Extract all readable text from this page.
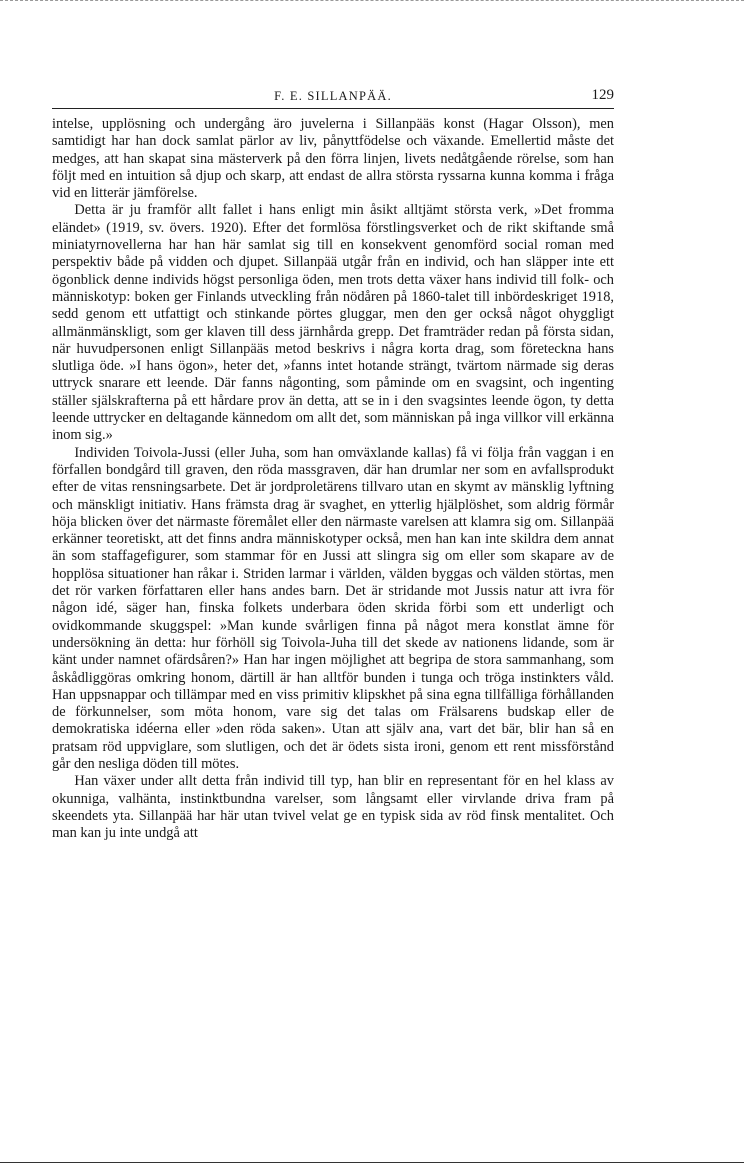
F. E. SILLANPÄÄ.	129

intelse, upplösning och undergång äro juvelerna i Sillanpääs konst (Hagar Olsson), men samtidigt har han dock samlat pärlor av liv, pånyttfödelse och växande. Emellertid måste det medges, att han skapat sina mästerverk på den förra linjen, livets nedåtgående rörelse, som han följt med en intuition så djup och skarp, att endast de allra största ryssarna kunna komma i fråga vid en litterär jämförelse.

Detta är ju framför allt fallet i hans enligt min åsikt alltjämt största verk, »Det fromma eländet» (1919, sv. övers. 1920). Efter det formlösa förstlingsverket och de rikt skiftande små miniatyrnovellerna har han här samlat sig till en konsekvent genomförd social roman med perspektiv både på vidden och djupet. Sillanpää utgår från en individ, och han släpper inte ett ögonblick denne individs högst personliga öden, men trots detta växer hans individ till folk- och människotyp: boken ger Finlands utveckling från nödåren på 1860-talet till inbördeskriget 1918, sedd genom ett utfattigt och stinkande pörtes gluggar, men den ger också något ohyggligt allmänmänskligt, som ger klaven till dess järnhårda grepp. Det framträder redan på första sidan, när huvudpersonen enligt Sillanpääs metod beskrivs i några korta drag, som företeckna hans slutliga öde. »I hans ögon», heter det, »fanns intet hotande strängt, tvärtom närmade sig deras uttryck snarare ett leende. Där fanns någonting, som påminde om en svagsint, och ingenting ställer själskrafterna på ett hårdare prov än detta, att se in i den svagsintes leende ögon, ty detta leende uttrycker en deltagande kännedom om allt det, som människan på inga villkor vill erkänna inom sig.»

Individen Toivola-Jussi (eller Juha, som han omväxlande kallas) få vi följa från vaggan i en förfallen bondgård till graven, den röda massgraven, där han drumlar ner som en avfallsprodukt efter de vitas rensningsarbete. Det är jordproletärens tillvaro utan en skymt av mänsklig lyftning och mänskligt initiativ. Hans främsta drag är svaghet, en ytterlig hjälplöshet, som aldrig förmår höja blicken över det närmaste föremålet eller den närmaste varelsen att klamra sig om. Sillanpää erkänner teoretiskt, att det finns andra människotyper också, men han kan inte skildra dem annat än som staffagefigurer, som stammar för en Jussi att slingra sig om eller som skapare av de hopplösa situationer han råkar i. Striden larmar i världen, välden byggas och välden störtas, men det rör varken författaren eller hans andes barn. Det är stridande mot Jussis natur att ivra för någon idé, säger han, finska folkets underbara öden skrida förbi som ett underligt och ovidkommande skuggspel: »Man kunde svårligen finna på något mera konstlat ämne för undersökning än detta: hur förhöll sig Toivola-Juha till det skede av nationens lidande, som är känt under namnet ofärdsåren?» Han har ingen möjlighet att begripa de stora sammanhang, som åskådliggöras omkring honom, därtill är han alltför bunden i tunga och tröga instinkters våld. Han uppsnappar och tillämpar med en viss primitiv klipskhet på sina egna tillfälliga förhållanden de förkunnelser, som möta honom, vare sig det talas om Frälsarens budskap eller de demokratiska idéerna eller »den röda saken». Utan att själv ana, vart det bär, blir han så en pratsam röd uppviglare, som slutligen, och det är ödets sista ironi, genom ett rent missförstånd går den nesliga döden till mötes.

Han växer under allt detta från individ till typ, han blir en representant för en hel klass av okunniga, valhänta, instinktbundna varelser, som långsamt eller virvlande driva fram på skeendets yta. Sillanpää har här utan tvivel velat ge en typisk sida av röd finsk mentalitet. Och man kan ju inte undgå att
